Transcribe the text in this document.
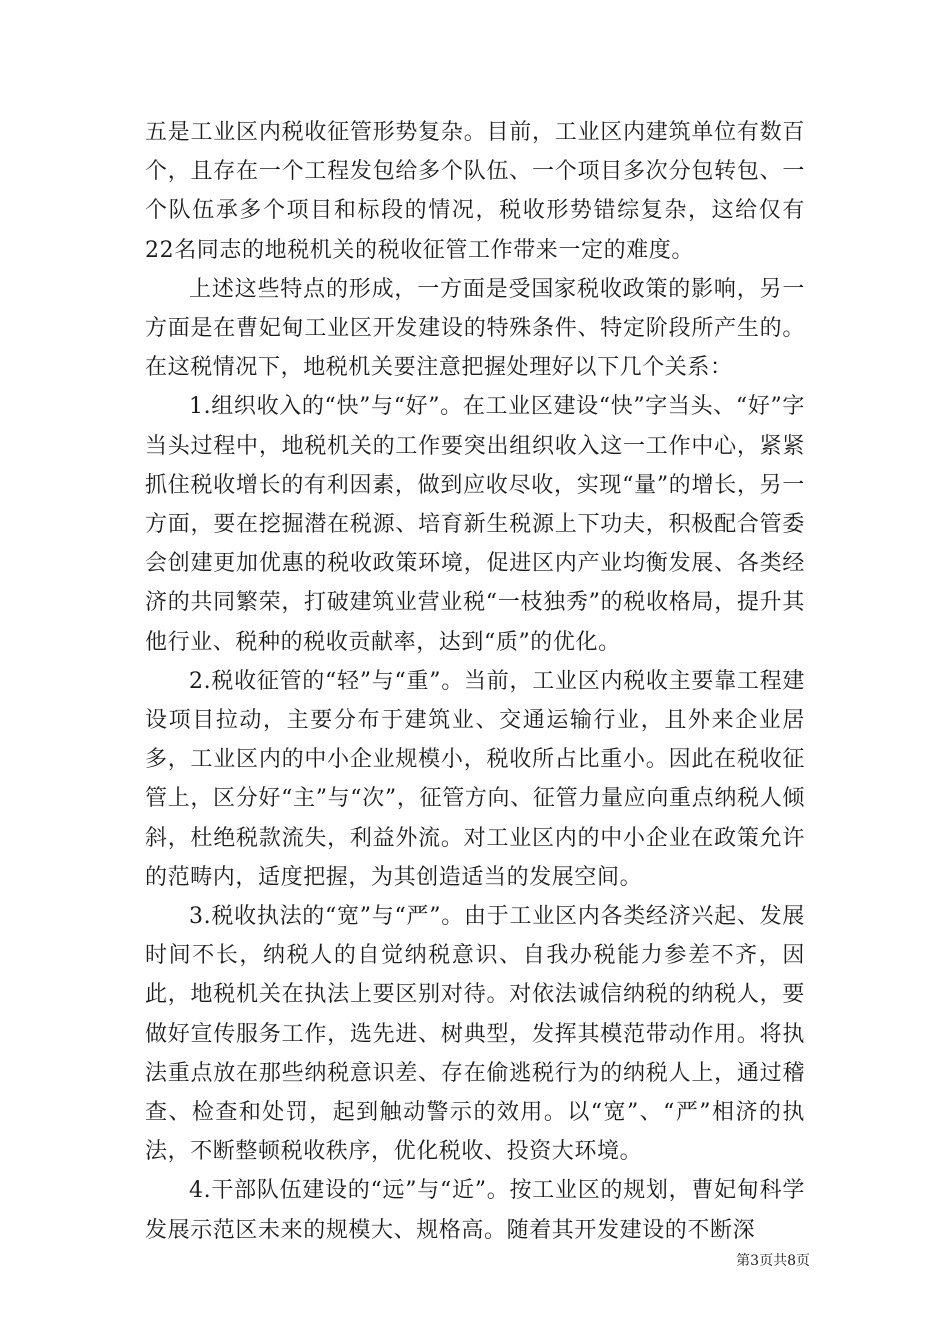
五是工业区内税收征管形势复杂。目前，工业区内建筑单位有数百个，且存在一个工程发包给多个队伍、一个项目多次分包转包、一个队伍承多个项目和标段的情况，税收形势错综复杂，这给仅有22名同志的地税机关的税收征管工作带来一定的难度。

上述这些特点的形成，一方面是受国家税收政策的影响，另一方面是在曹妃甸工业区开发建设的特殊条件、特定阶段所产生的。在这税情况下，地税机关要注意把握处理好以下几个关系：

1.组织收入的“快”与“好”。在工业区建设“快”字当头、“好”字当头过程中，地税机关的工作要突出组织收入这一工作中心，紧紧抓住税收增长的有利因素，做到应收尽收，实现“量”的增长，另一方面，要在挖掘潜在税源、培育新生税源上下功夫，积极配合管委会创建更加优惠的税收政策环境，促进区内产业均衡发展、各类经济的共同繁荣，打破建筑业营业税“一枝独秀”的税收格局，提升其他行业、税种的税收贡献率，达到“质”的优化。

2.税收征管的“轻”与“重”。当前，工业区内税收主要靠工程建设项目拉动，主要分布于建筑业、交通运输行业，且外来企业居多，工业区内的中小企业规模小，税收所占比重小。因此在税收征管上，区分好“主”与“次”，征管方向、征管力量应向重点纳税人倾斜，杜绝税款流失，利益外流。对工业区内的中小企业在政策允许的范畴内，适度把握，为其创造适当的发展空间。

3.税收执法的“宽”与“严”。由于工业区内各类经济兴起、发展时间不长，纳税人的自觉纳税意识、自我办税能力参差不齐，因此，地税机关在执法上要区别对待。对依法诚信纳税的纳税人，要做好宣传服务工作，选先进、树典型，发挥其模范带动作用。将执法重点放在那些纳税意识差、存在偷逃税行为的纳税人上，通过稽查、检查和处罚，起到触动警示的效用。以“宽”、“严”相济的执法，不断整顿税收秩序，优化税收、投资大环境。

4.干部队伍建设的“远”与“近”。按工业区的规划，曹妃甸科学发展示范区未来的规模大、规格高。随着其开发建设的不断深

第3页共8页
